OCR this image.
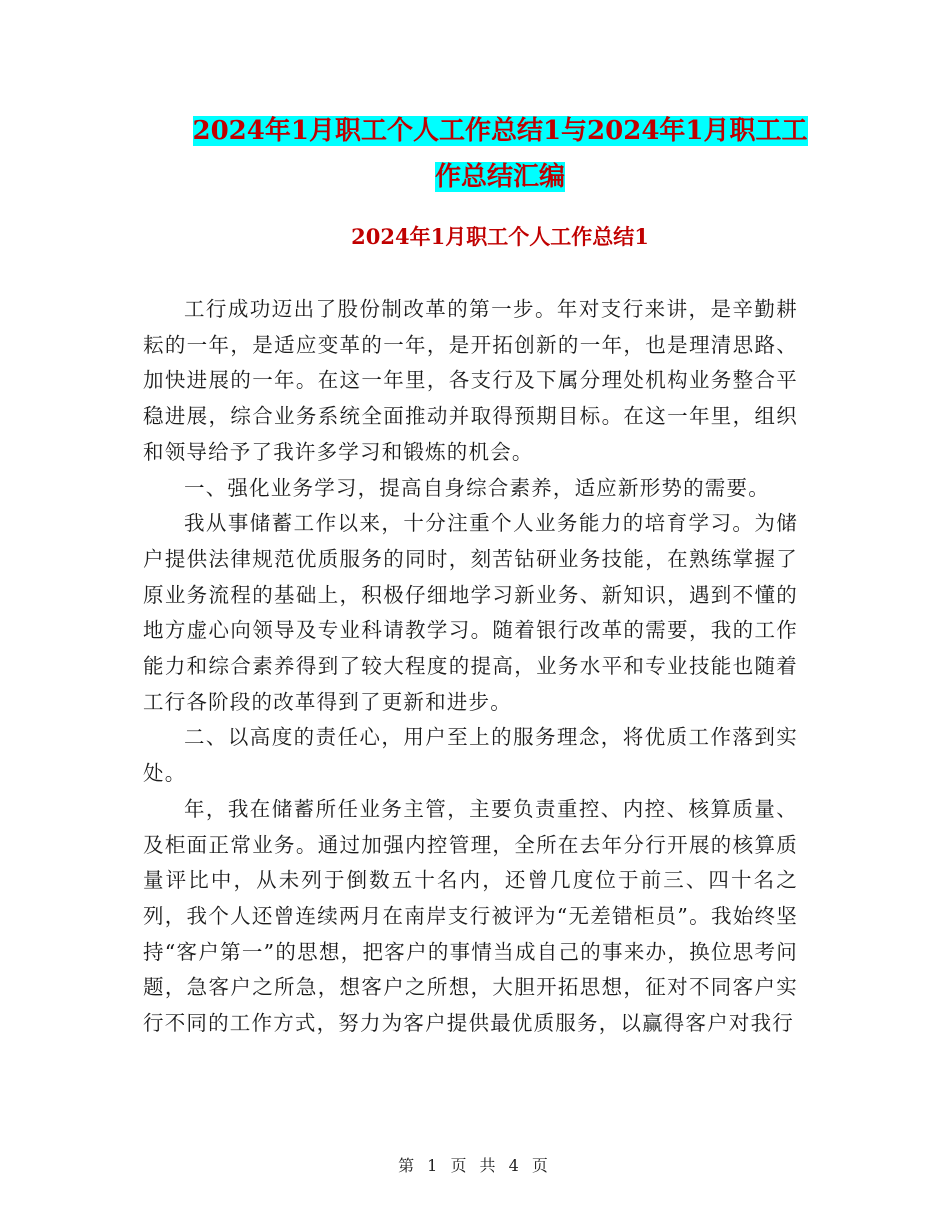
2024年1月职工个人工作总结1与2024年1月职工工
作总结汇编
2024年1月职工个人工作总结1

工行成功迈出了股份制改革的第一步。年对支行来讲，是辛勤耕耘的一年，是适应变革的一年，是开拓创新的一年，也是理清思路、加快进展的一年。在这一年里，各支行及下属分理处机构业务整合平稳进展，综合业务系统全面推动并取得预期目标。在这一年里，组织和领导给予了我许多学习和锻炼的机会。

一、强化业务学习，提高自身综合素养，适应新形势的需要。

我从事储蓄工作以来，十分注重个人业务能力的培育学习。为储户提供法律规范优质服务的同时，刻苦钻研业务技能，在熟练掌握了原业务流程的基础上，积极仔细地学习新业务、新知识，遇到不懂的地方虚心向领导及专业科请教学习。随着银行改革的需要，我的工作能力和综合素养得到了较大程度的提高，业务水平和专业技能也随着工行各阶段的改革得到了更新和进步。

二、以高度的责任心，用户至上的服务理念，将优质工作落到实处。

年，我在储蓄所任业务主管，主要负责重控、内控、核算质量、及柜面正常业务。通过加强内控管理，全所在去年分行开展的核算质量评比中，从未列于倒数五十名内，还曾几度位于前三、四十名之列，我个人还曾连续两月在南岸支行被评为“无差错柜员”。我始终坚持“客户第一”的思想，把客户的事情当成自己的事来办，换位思考问题，急客户之所急，想客户之所想，大胆开拓思想，征对不同客户实行不同的工作方式，努力为客户提供最优质服务，以赢得客户对我行

第 1 页 共 4 页
